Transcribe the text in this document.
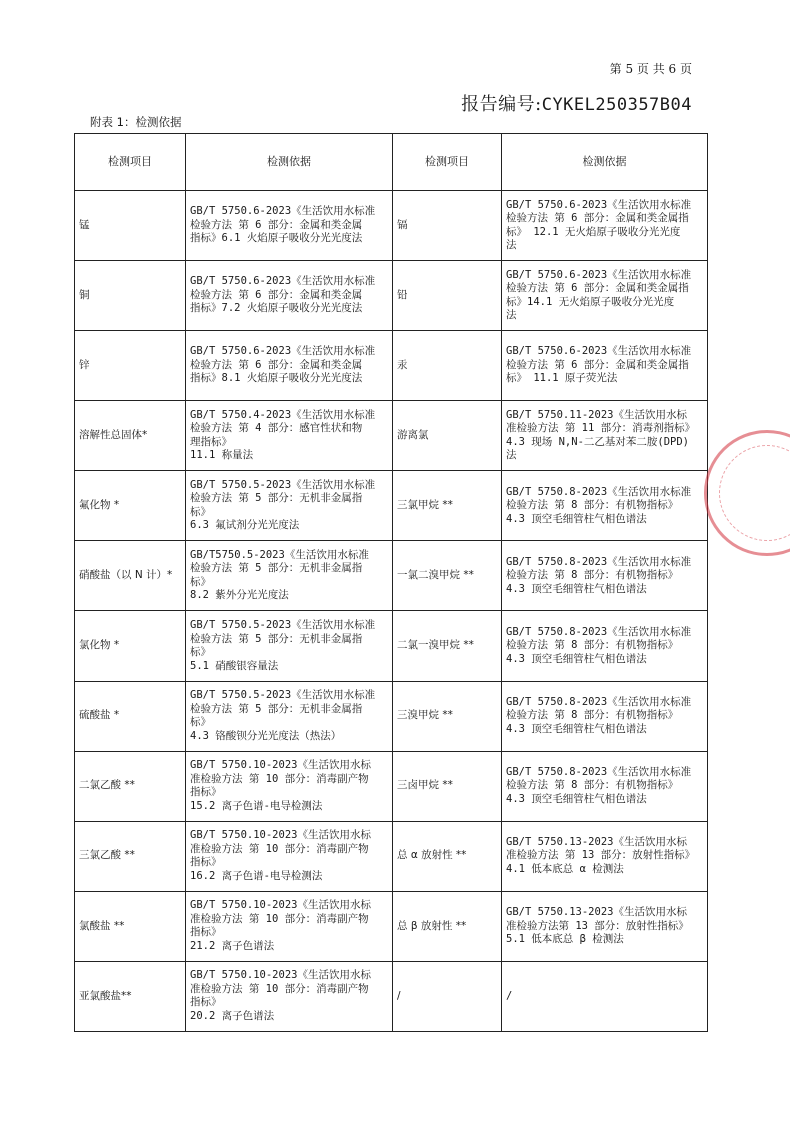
第 5 页 共 6 页
报告编号:CYKEL250357B04
附表 1：检测依据
检测项目	检测依据	检测项目	检测依据
锰	GB/T 5750.6-2023《生活饮用水标准
检验方法 第 6 部分：金属和类金属
指标》6.1 火焰原子吸收分光光度法	镉	GB/T 5750.6-2023《生活饮用水标准
检验方法 第 6 部分：金属和类金属指
标》 12.1 无火焰原子吸收分光光度
法
铜	GB/T 5750.6-2023《生活饮用水标准
检验方法 第 6 部分：金属和类金属
指标》7.2 火焰原子吸收分光光度法	铅	GB/T 5750.6-2023《生活饮用水标准
检验方法 第 6 部分：金属和类金属指
标》14.1 无火焰原子吸收分光光度
法
锌	GB/T 5750.6-2023《生活饮用水标准
检验方法 第 6 部分：金属和类金属
指标》8.1 火焰原子吸收分光光度法	汞	GB/T 5750.6-2023《生活饮用水标准
检验方法 第 6 部分：金属和类金属指
标》 11.1 原子荧光法
溶解性总固体*	GB/T 5750.4-2023《生活饮用水标准
检验方法 第 4 部分：感官性状和物
理指标》
11.1 称量法	游离氯	GB/T 5750.11-2023《生活饮用水标
准检验方法 第 11 部分：消毒剂指标》
4.3 现场 N,N-二乙基对苯二胺(DPD)
法
氟化物 *	GB/T 5750.5-2023《生活饮用水标准
检验方法 第 5 部分：无机非金属指
标》
6.3 氟试剂分光光度法	三氯甲烷 **	GB/T 5750.8-2023《生活饮用水标准
检验方法 第 8 部分：有机物指标》
4.3 顶空毛细管柱气相色谱法
硝酸盐（以 N 计）*	GB/T5750.5-2023《生活饮用水标准
检验方法 第 5 部分：无机非金属指
标》
8.2 紫外分光光度法	一氯二溴甲烷 **	GB/T 5750.8-2023《生活饮用水标准
检验方法 第 8 部分：有机物指标》
4.3 顶空毛细管柱气相色谱法
氯化物 *	GB/T 5750.5-2023《生活饮用水标准
检验方法 第 5 部分：无机非金属指
标》
5.1 硝酸银容量法	二氯一溴甲烷 **	GB/T 5750.8-2023《生活饮用水标准
检验方法 第 8 部分：有机物指标》
4.3 顶空毛细管柱气相色谱法
硫酸盐 *	GB/T 5750.5-2023《生活饮用水标准
检验方法 第 5 部分：无机非金属指
标》
4.3 铬酸钡分光光度法（热法）	三溴甲烷 **	GB/T 5750.8-2023《生活饮用水标准
检验方法 第 8 部分：有机物指标》
4.3 顶空毛细管柱气相色谱法
二氯乙酸 **	GB/T 5750.10-2023《生活饮用水标
准检验方法 第 10 部分：消毒副产物
指标》
15.2 离子色谱-电导检测法	三卤甲烷 **	GB/T 5750.8-2023《生活饮用水标准
检验方法 第 8 部分：有机物指标》
4.3 顶空毛细管柱气相色谱法
三氯乙酸 **	GB/T 5750.10-2023《生活饮用水标
准检验方法 第 10 部分：消毒副产物
指标》
16.2 离子色谱-电导检测法	总 α 放射性 **	GB/T 5750.13-2023《生活饮用水标
准检验方法 第 13 部分：放射性指标》
4.1 低本底总 α 检测法
氯酸盐 **	GB/T 5750.10-2023《生活饮用水标
准检验方法 第 10 部分：消毒副产物
指标》
21.2 离子色谱法	总 β 放射性 **	GB/T 5750.13-2023《生活饮用水标
准检验方法第 13 部分：放射性指标》
5.1 低本底总 β 检测法
亚氯酸盐**	GB/T 5750.10-2023《生活饮用水标
准检验方法 第 10 部分：消毒副产物
指标》
20.2 离子色谱法	/	/
